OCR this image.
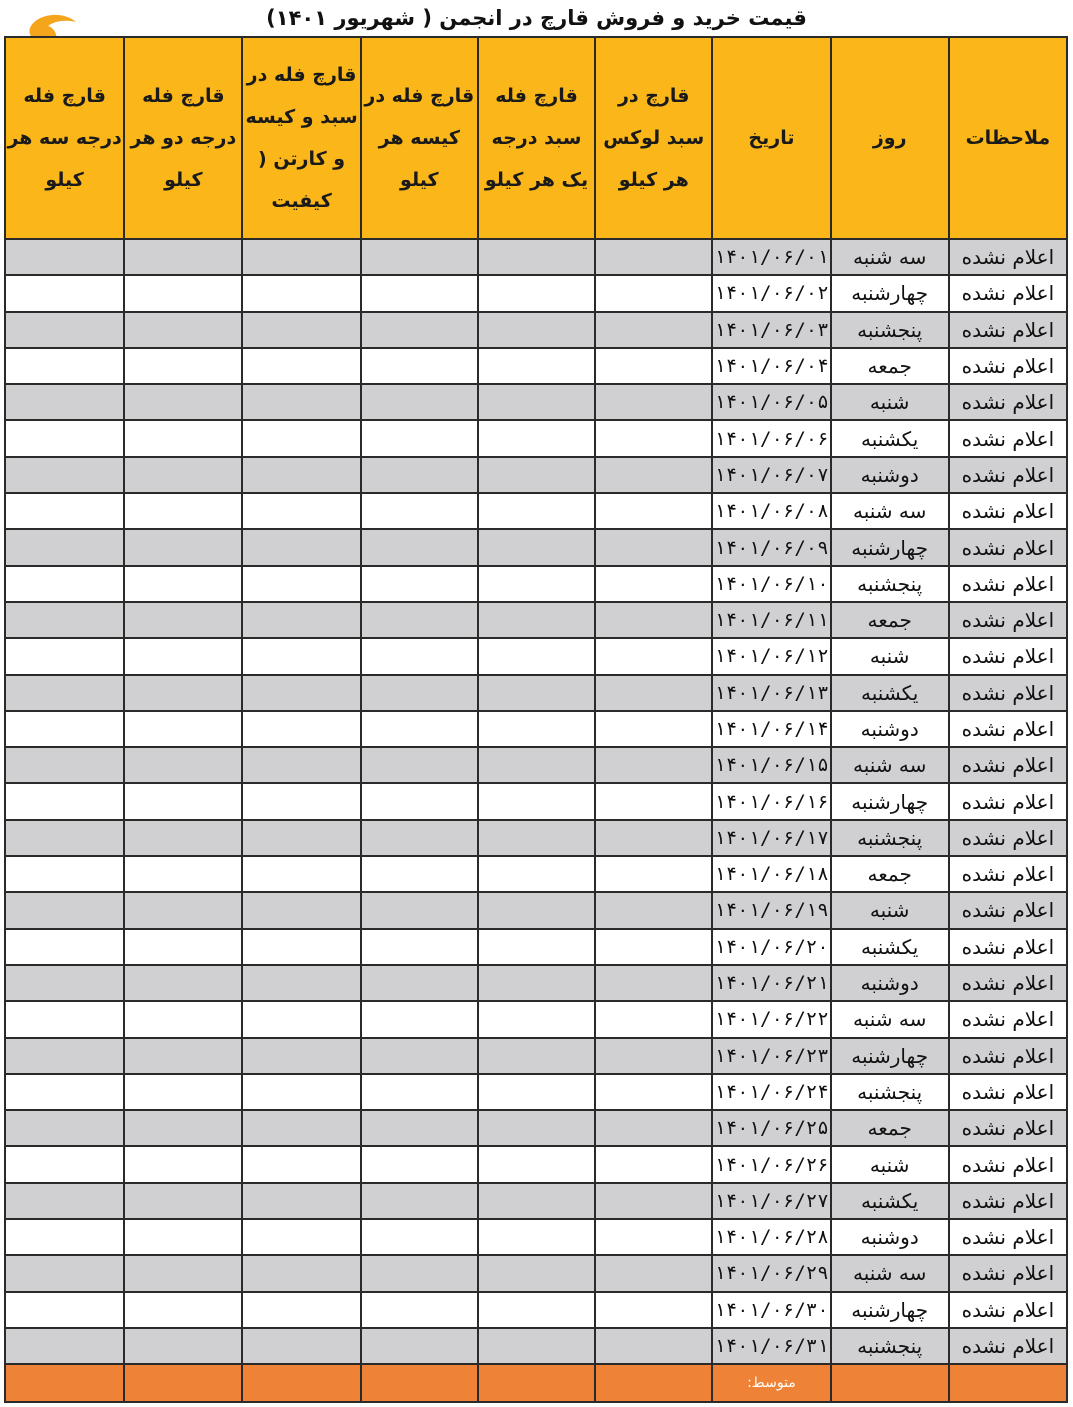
قیمت خرید و فروش قارچ در انجمن ( شهریور ۱۴۰۱)
ملاحظات	روز	تاریخ	قارچ در سبد لوکس هر کیلو	قارچ فله سبد درجه یک هر کیلو	قارچ فله در کیسه هر کیلو	قارچ فله در سبد و کیسه و کارتن ( کیفیت	قارچ فله درجه دو هر کیلو	قارچ فله درجه سه هر کیلو
اعلام نشده	سه شنبه	۱۴۰۱/۰۶/۰۱						
اعلام نشده	چهارشنبه	۱۴۰۱/۰۶/۰۲						
اعلام نشده	پنجشنبه	۱۴۰۱/۰۶/۰۳						
اعلام نشده	جمعه	۱۴۰۱/۰۶/۰۴						
اعلام نشده	شنبه	۱۴۰۱/۰۶/۰۵						
اعلام نشده	یکشنبه	۱۴۰۱/۰۶/۰۶						
اعلام نشده	دوشنبه	۱۴۰۱/۰۶/۰۷						
اعلام نشده	سه شنبه	۱۴۰۱/۰۶/۰۸						
اعلام نشده	چهارشنبه	۱۴۰۱/۰۶/۰۹						
اعلام نشده	پنجشنبه	۱۴۰۱/۰۶/۱۰						
اعلام نشده	جمعه	۱۴۰۱/۰۶/۱۱						
اعلام نشده	شنبه	۱۴۰۱/۰۶/۱۲						
اعلام نشده	یکشنبه	۱۴۰۱/۰۶/۱۳						
اعلام نشده	دوشنبه	۱۴۰۱/۰۶/۱۴						
اعلام نشده	سه شنبه	۱۴۰۱/۰۶/۱۵						
اعلام نشده	چهارشنبه	۱۴۰۱/۰۶/۱۶						
اعلام نشده	پنجشنبه	۱۴۰۱/۰۶/۱۷						
اعلام نشده	جمعه	۱۴۰۱/۰۶/۱۸						
اعلام نشده	شنبه	۱۴۰۱/۰۶/۱۹						
اعلام نشده	یکشنبه	۱۴۰۱/۰۶/۲۰						
اعلام نشده	دوشنبه	۱۴۰۱/۰۶/۲۱						
اعلام نشده	سه شنبه	۱۴۰۱/۰۶/۲۲						
اعلام نشده	چهارشنبه	۱۴۰۱/۰۶/۲۳						
اعلام نشده	پنجشنبه	۱۴۰۱/۰۶/۲۴						
اعلام نشده	جمعه	۱۴۰۱/۰۶/۲۵						
اعلام نشده	شنبه	۱۴۰۱/۰۶/۲۶						
اعلام نشده	یکشنبه	۱۴۰۱/۰۶/۲۷						
اعلام نشده	دوشنبه	۱۴۰۱/۰۶/۲۸						
اعلام نشده	سه شنبه	۱۴۰۱/۰۶/۲۹						
اعلام نشده	چهارشنبه	۱۴۰۱/۰۶/۳۰						
اعلام نشده	پنجشنبه	۱۴۰۱/۰۶/۳۱						
		متوسط:						
